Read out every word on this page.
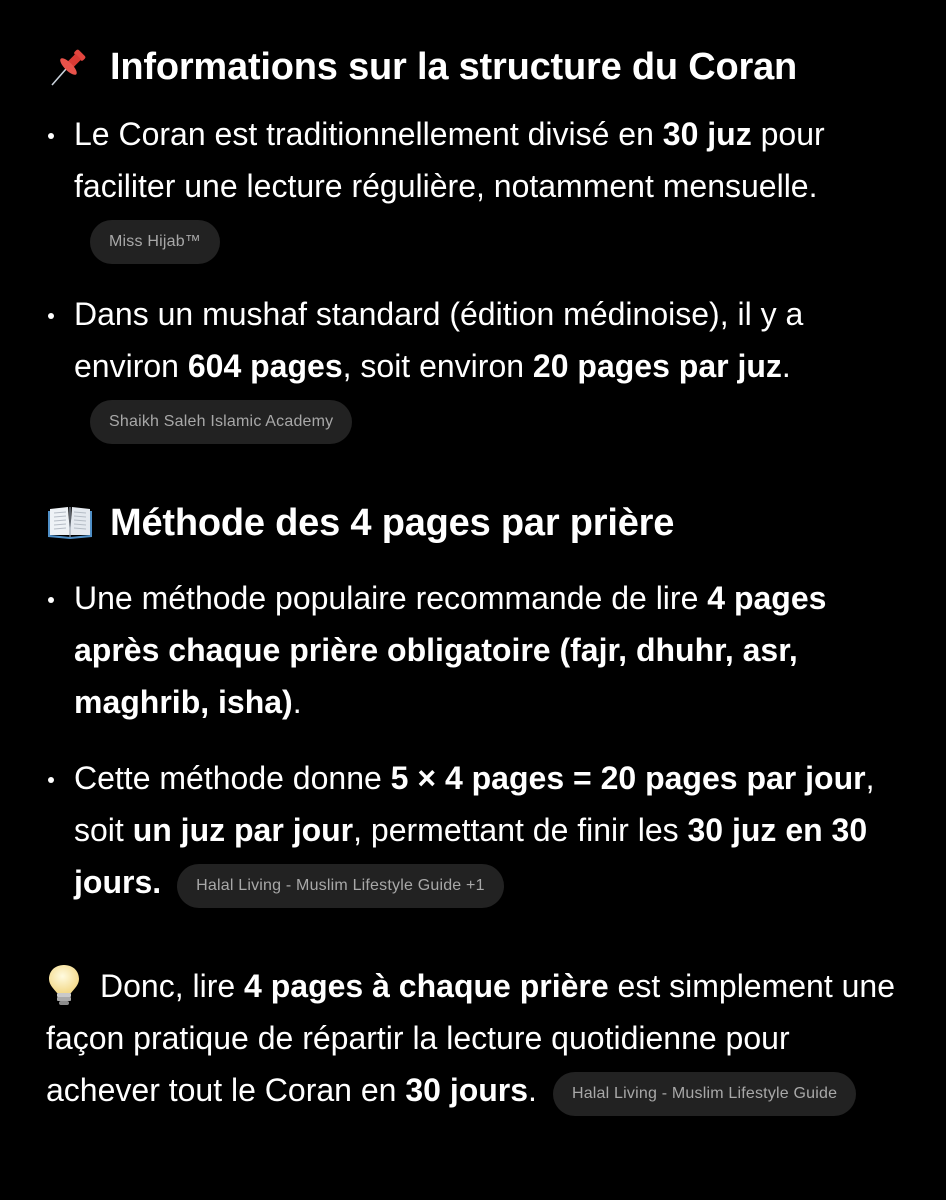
Informations sur la structure du Coran
Le Coran est traditionnellement divisé en 30 juz pour faciliter une lecture régulière, notamment mensuelle.Miss Hijab™
Dans un mushaf standard (édition médinoise), il y a environ 604 pages, soit environ 20 pages par juz.Shaikh Saleh Islamic Academy
Méthode des 4 pages par prière
Une méthode populaire recommande de lire 4 pages après chaque prière obligatoire (fajr, dhuhr, asr, maghrib, isha).
Cette méthode donne 5 × 4 pages = 20 pages par jour, soit un juz par jour, permettant de finir les 30 juz en 30 jours. Halal Living - Muslim Lifestyle Guide +1

Donc, lire 4 pages à chaque prière est simplement une façon pratique de répartir la lecture quotidienne pour achever tout le Coran en 30 jours. Halal Living - Muslim Lifestyle Guide
